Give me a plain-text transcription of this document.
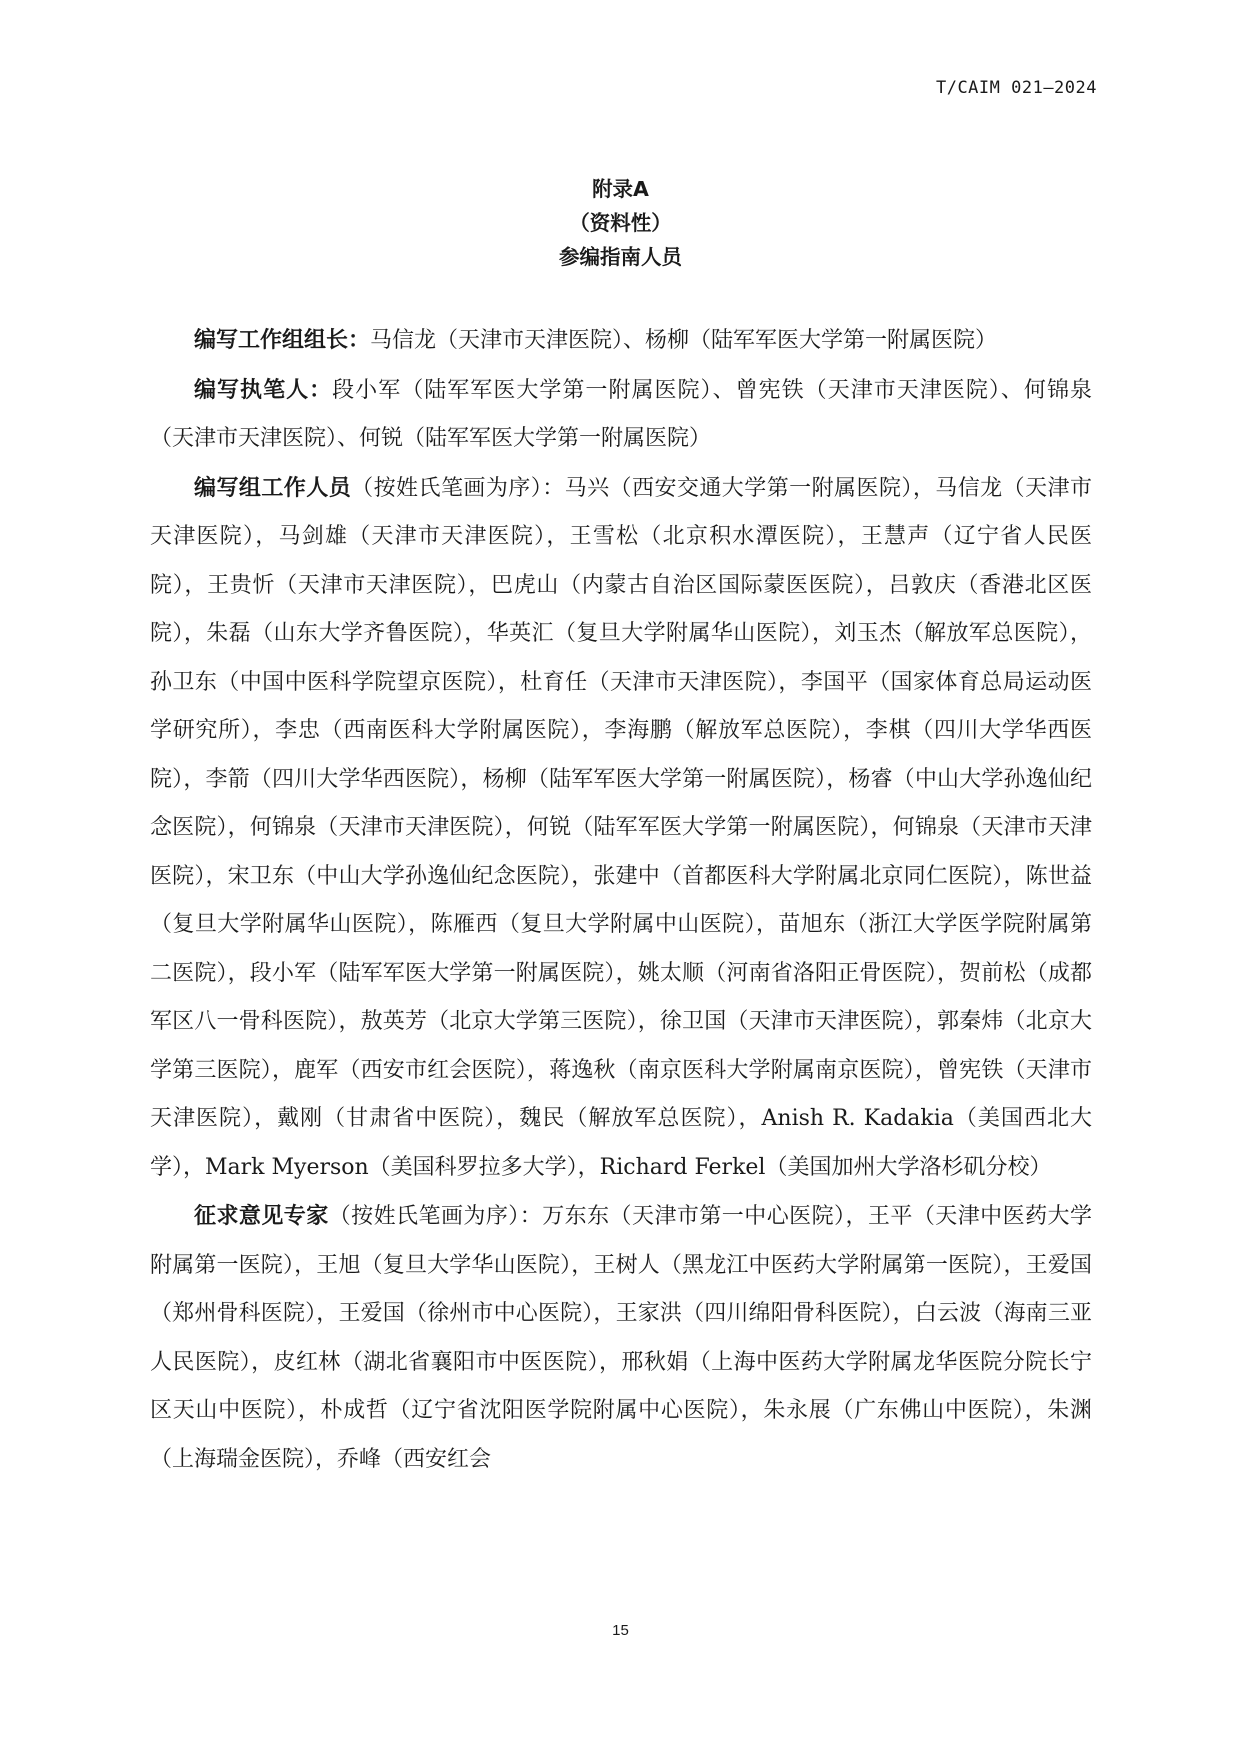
T/CAIM 021—2024
附录A
（资料性）
参编指南人员

编写工作组组长：马信龙（天津市天津医院）、杨柳（陆军军医大学第一附属医院）

编写执笔人：段小军（陆军军医大学第一附属医院）、曾宪铁（天津市天津医院）、何锦泉（天津市天津医院）、何锐（陆军军医大学第一附属医院）

编写组工作人员（按姓氏笔画为序）：马兴（西安交通大学第一附属医院），马信龙（天津市天津医院），马剑雄（天津市天津医院），王雪松（北京积水潭医院），王慧声（辽宁省人民医院），王贵忻（天津市天津医院），巴虎山（内蒙古自治区国际蒙医医院），吕敦庆（香港北区医院），朱磊（山东大学齐鲁医院），华英汇（复旦大学附属华山医院），刘玉杰（解放军总医院），孙卫东（中国中医科学院望京医院），杜育任（天津市天津医院），李国平（国家体育总局运动医学研究所），李忠（西南医科大学附属医院），李海鹏（解放军总医院），李棋（四川大学华西医院），李箭（四川大学华西医院），杨柳（陆军军医大学第一附属医院），杨睿（中山大学孙逸仙纪念医院），何锦泉（天津市天津医院），何锐（陆军军医大学第一附属医院），何锦泉（天津市天津医院），宋卫东（中山大学孙逸仙纪念医院），张建中（首都医科大学附属北京同仁医院），陈世益（复旦大学附属华山医院），陈雁西（复旦大学附属中山医院），苗旭东（浙江大学医学院附属第二医院），段小军（陆军军医大学第一附属医院），姚太顺（河南省洛阳正骨医院），贺前松（成都军区八一骨科医院），敖英芳（北京大学第三医院），徐卫国（天津市天津医院），郭秦炜（北京大学第三医院），鹿军（西安市红会医院），蒋逸秋（南京医科大学附属南京医院），曾宪铁（天津市天津医院），戴刚（甘肃省中医院），魏民（解放军总医院），Anish R. Kadakia（美国西北大学），Mark Myerson（美国科罗拉多大学），Richard Ferkel（美国加州大学洛杉矶分校）

征求意见专家（按姓氏笔画为序）：万东东（天津市第一中心医院），王平（天津中医药大学附属第一医院），王旭（复旦大学华山医院），王树人（黑龙江中医药大学附属第一医院），王爱国（郑州骨科医院），王爱国（徐州市中心医院），王家洪（四川绵阳骨科医院），白云波（海南三亚人民医院），皮红林（湖北省襄阳市中医医院），邢秋娟（上海中医药大学附属龙华医院分院长宁区天山中医院），朴成哲（辽宁省沈阳医学院附属中心医院），朱永展（广东佛山中医院），朱渊（上海瑞金医院），乔峰（西安红会

15
